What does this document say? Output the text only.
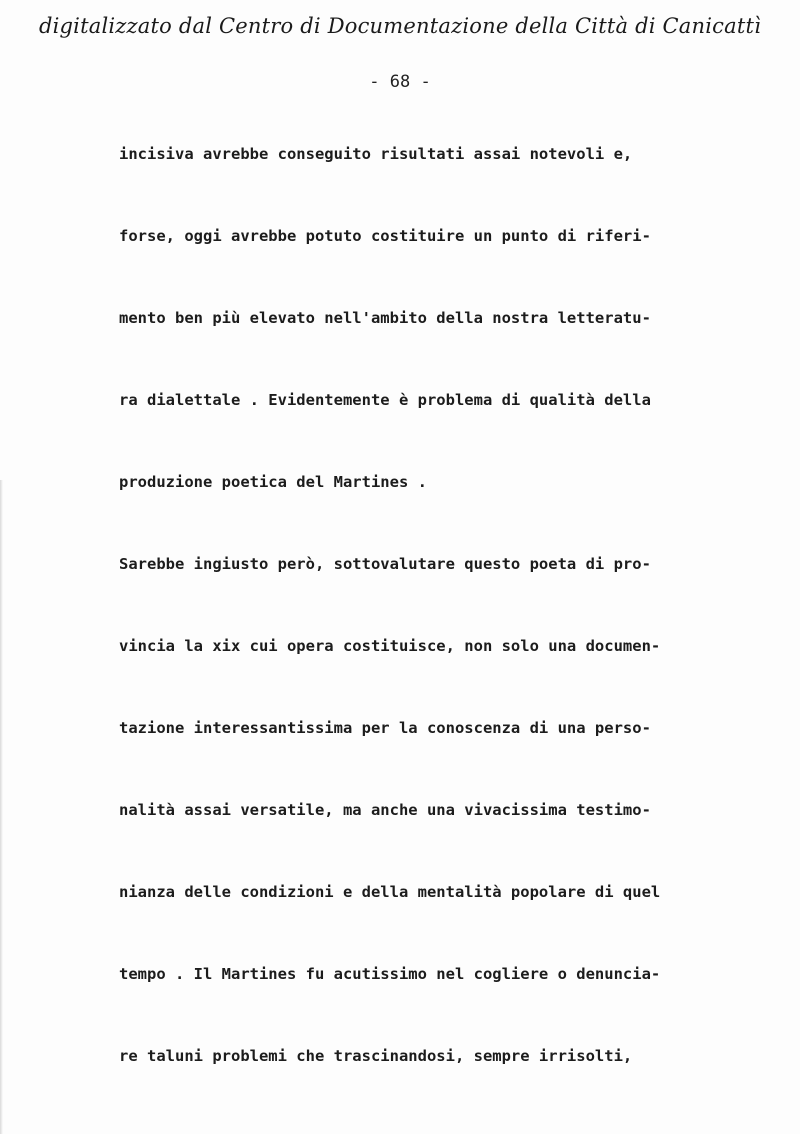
digitalizzato dal Centro di Documentazione della Città di Canicattì
- 68 -
incisiva avrebbe conseguito risultati assai notevoli e,
forse, oggi avrebbe potuto costituire un punto di riferi-
mento ben più elevato nell'ambito della nostra letteratu-
ra dialettale . Evidentemente è problema di qualità della
produzione poetica del Martines .
Sarebbe ingiusto però, sottovalutare questo poeta di pro-
vincia la xix cui opera costituisce, non solo una documen-
tazione interessantissima per la conoscenza di una perso-
nalità assai versatile, ma anche una vivacissima testimo-
nianza delle condizioni e della mentalità popolare di quel
tempo . Il Martines fu acutissimo nel cogliere o denuncia-
re taluni problemi che trascinandosi, sempre irrisolti,
